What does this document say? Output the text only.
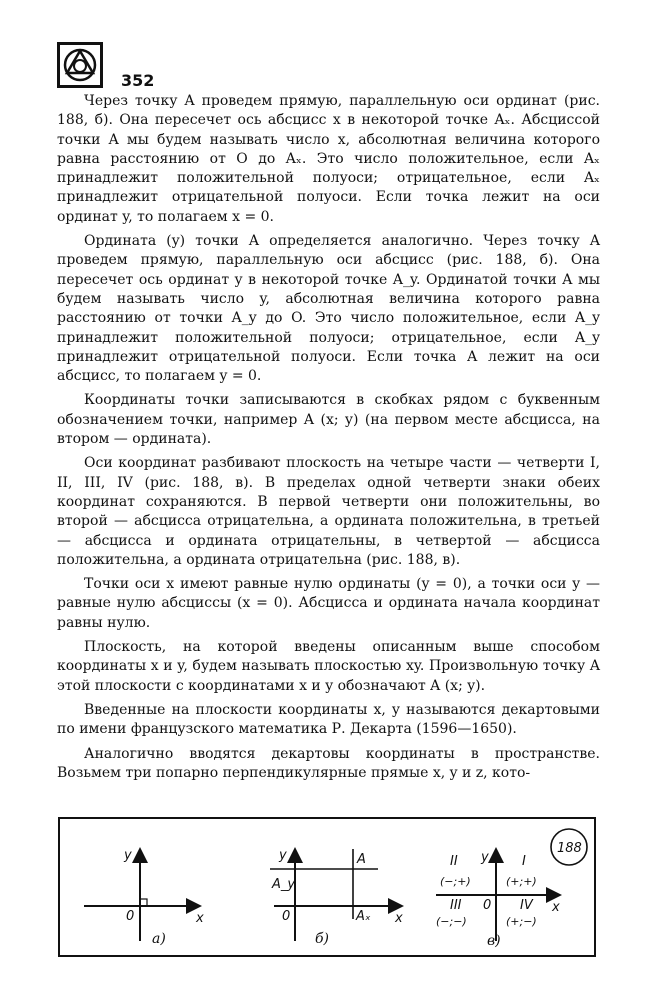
352

Через точку A проведем прямую, параллельную оси ординат (рис. 188, б). Она пересечет ось абсцисс x в некоторой точке Aₓ. Абсциссой точки A мы будем называть число x, абсолютная величина которого равна расстоянию от O до Aₓ. Это число положительное, если Aₓ принадлежит положительной полуоси; отрицательное, если Aₓ принадлежит отрицательной полуоси. Если точка лежит на оси ординат y, то полагаем x = 0.

Ордината (y) точки A определяется аналогично. Через точку A проведем прямую, параллельную оси абсцисс (рис. 188, б). Она пересечет ось ординат y в некоторой точке A_y. Ординатой точки A мы будем называть число y, абсолютная величина которого равна расстоянию от точки A_y до O. Это число положительное, если A_y принадлежит положительной полуоси; отрицательное, если A_y принадлежит отрицательной полуоси. Если точка A лежит на оси абсцисс, то полагаем y = 0.

Координаты точки записываются в скобках рядом с буквенным обозначением точки, например A (x; y) (на первом месте абсцисса, на втором — ордината).

Оси координат разбивают плоскость на четыре части — четверти I, II, III, IV (рис. 188, в). В пределах одной четверти знаки обеих координат сохраняются. В первой четверти они положительны, во второй — абсцисса отрицательна, а ордината положительна, в третьей — абсцисса и ордината отрицательны, в четвертой — абсцисса положительна, а ордината отрицательна (рис. 188, в).

Точки оси x имеют равные нулю ординаты (y = 0), а точки оси y — равные нулю абсциссы (x = 0). Абсцисса и ордината начала координат равны нулю.

Плоскость, на которой введены описанным выше способом координаты x и y, будем называть плоскостью xy. Произвольную точку A этой плоскости с координатами x и y обозначают A (x; y).

Введенные на плоскости координаты x, y называются декартовыми по имени французского математика Р. Декарта (1596—1650).

Аналогично вводятся декартовы координаты в пространстве. Возьмем три попарно перпендикулярные прямые x, y и z, кото-

y
x
0
а)
y
x
0
A
Aₓ
A_y
б)
y
x
0
II
(−;+)
I
(+;+)
III
(−;−)
IV
(+;−)
в)
188
